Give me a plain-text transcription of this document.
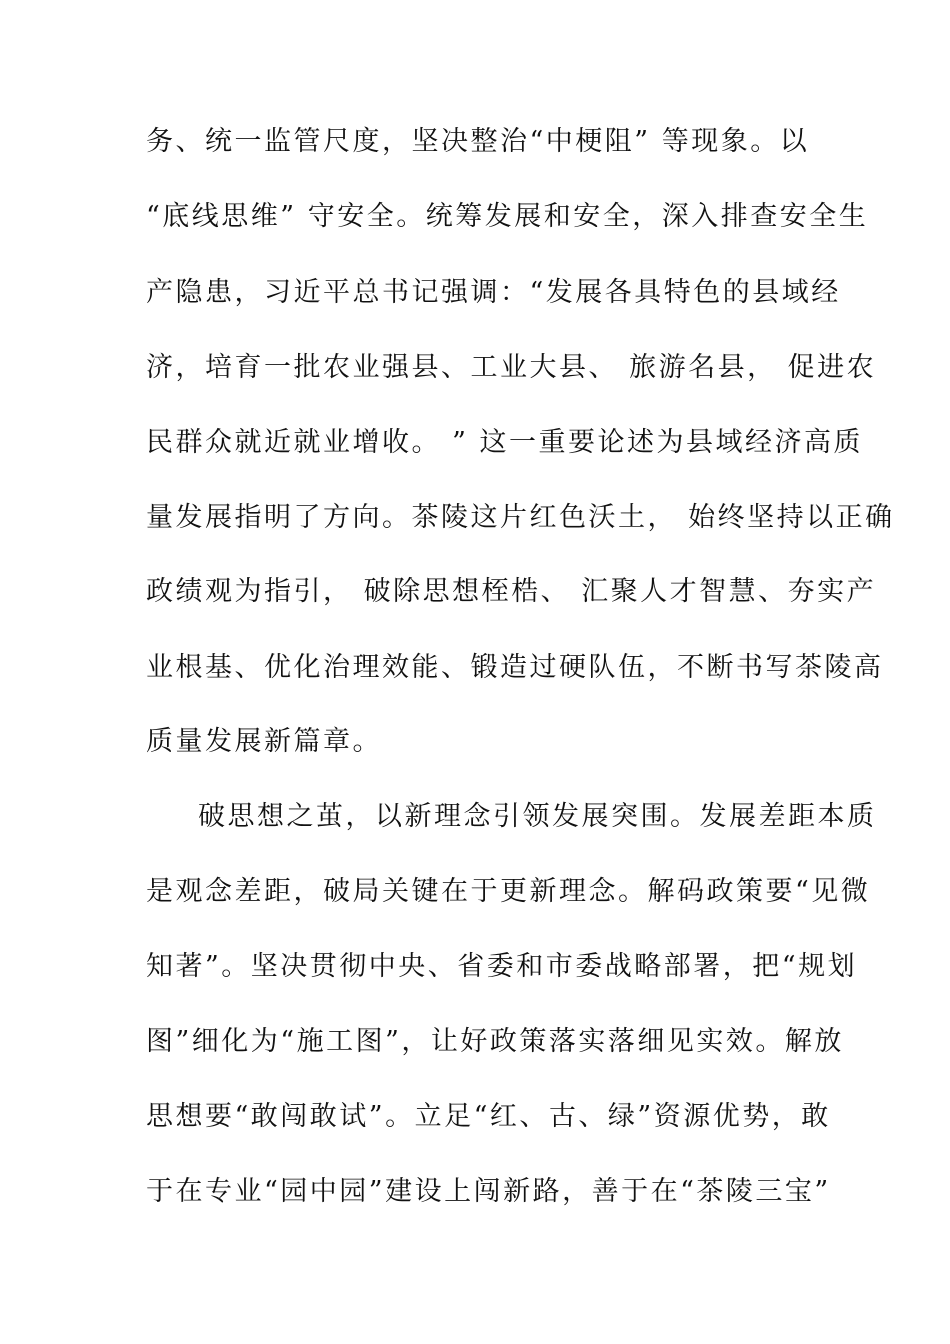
务、统一监管尺度，坚决整治“中梗阻” 等现象。以
“底线思维” 守安全。统筹发展和安全，深入排查安全生
产隐患，习近平总书记强调：“发展各具特色的县域经
济，培育一批农业强县、工业大县、 旅游名县， 促进农
民群众就近就业增收。 ” 这一重要论述为县域经济高质
量发展指明了方向。茶陵这片红色沃土， 始终坚持以正确
政绩观为指引， 破除思想桎梏、 汇聚人才智慧、夯实产
业根基、优化治理效能、锻造过硬队伍，不断书写茶陵高
质量发展新篇章。
破思想之茧，以新理念引领发展突围。发展差距本质
是观念差距，破局关键在于更新理念。解码政策要“见微
知著”。坚决贯彻中央、省委和市委战略部署，把“规划
图”细化为“施工图”，让好政策落实落细见实效。解放
思想要“敢闯敢试”。立足“红、古、绿”资源优势，敢
于在专业“园中园”建设上闯新路，善于在“茶陵三宝”
